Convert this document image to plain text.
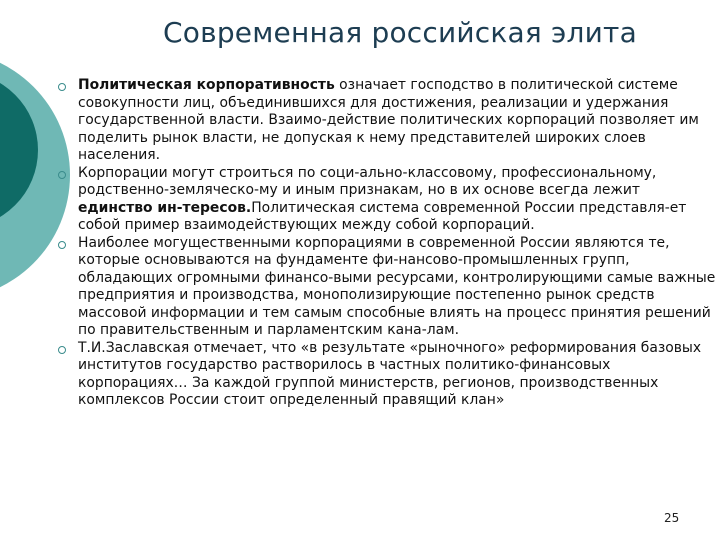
Современная российская элита

Политическая корпоративность означает господство в политической системе совокупности лиц, объединившихся для достижения, реализации и удержания государственной власти. Взаимо-действие политических корпораций позволяет им поделить рынок власти, не допуская к нему представителей широких слоев населения.

Корпорации могут строиться по соци-ально-классовому, профессиональному, родственно-земляческо-му и иным признакам, но в их основе всегда лежит единство ин-тересов.Политическая система современной России представля-ет собой пример взаимодействующих между собой корпораций.

Наиболее могущественными корпорациями в современной России являются те, которые основываются на фундаменте фи-нансово-промышленных групп, обладающих огромными финансо-выми ресурсами, контролирующими самые важные предприятия и производства, монополизирующие постепенно рынок средств массовой информации и тем самым способные влиять на процесс принятия решений по правительственным и парламентским кана-лам.

Т.И.Заславская отмечает, что «в результате «рыночного» реформирования базовых институтов государство растворилось в частных политико-финансовых корпорациях… За каждой группой министерств, регионов, производственных комплексов России стоит определенный правящий клан»

25
